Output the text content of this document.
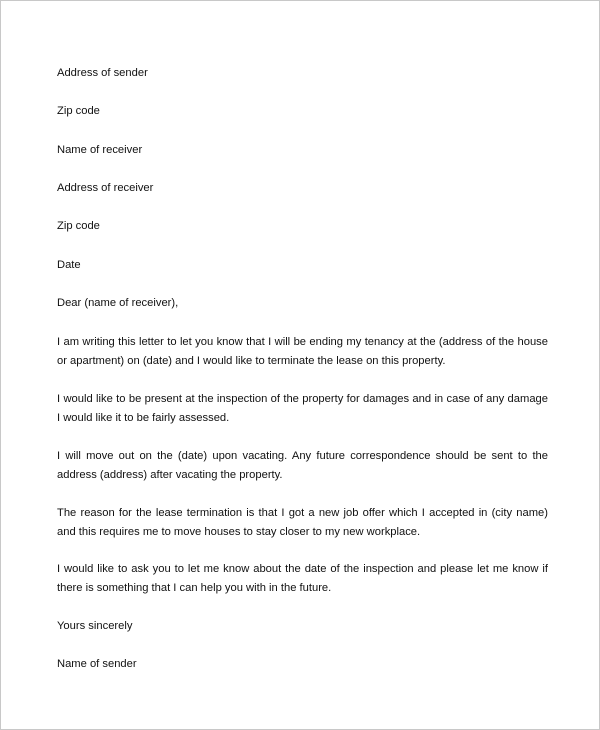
Address of sender
Zip code
Name of receiver
Address of receiver
Zip code
Date
Dear (name of receiver),
I am writing this letter to let you know that I will be ending my tenancy at the (address of the house or apartment) on (date) and I would like to terminate the lease on this property.
I would like to be present at the inspection of the property for damages and in case of any damage I would like it to be fairly assessed.
I will move out on the (date) upon vacating. Any future correspondence should be sent to the address (address) after vacating the property.
The reason for the lease termination is that I got a new job offer which I accepted in (city name) and this requires me to move houses to stay closer to my new workplace.
I would like to ask you to let me know about the date of the inspection and please let me know if there is something that I can help you with in the future.
Yours sincerely
Name of sender
